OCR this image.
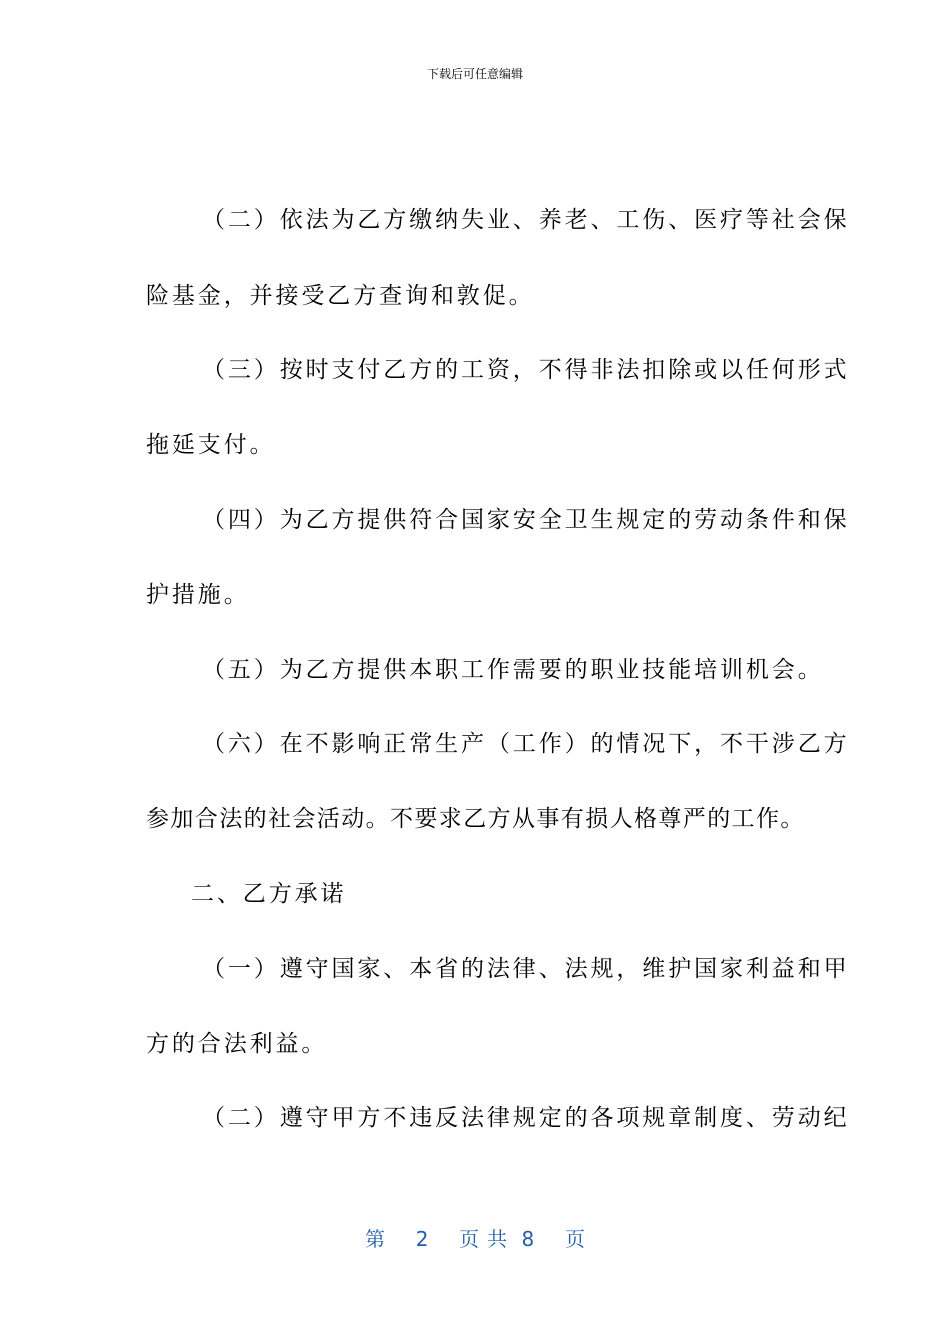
下载后可任意编辑
（二）依法为乙方缴纳失业、养老、工伤、医疗等社会保
险基金，并接受乙方查询和敦促。
（三）按时支付乙方的工资，不得非法扣除或以任何形式
拖延支付。
（四）为乙方提供符合国家安全卫生规定的劳动条件和保
护措施。
（五）为乙方提供本职工作需要的职业技能培训机会。
（六）在不影响正常生产（工作）的情况下，不干涉乙方
参加合法的社会活动。不要求乙方从事有损人格尊严的工作。
二、乙方承诺
（一）遵守国家、本省的法律、法规，维护国家利益和甲
方的合法利益。
（二）遵守甲方不违反法律规定的各项规章制度、劳动纪
第 2 页共 8 页
